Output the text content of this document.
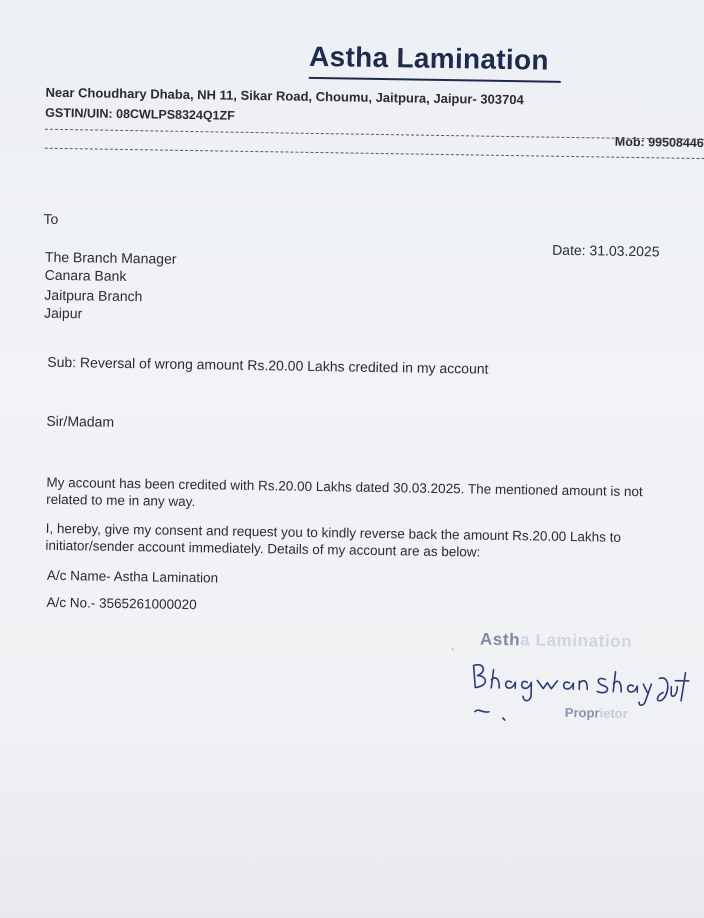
Astha Lamination
Near Choudhary Dhaba, NH 11, Sikar Road, Choumu, Jaitpura, Jaipur- 303704
GSTIN/UIN: 08CWLPS8324Q1ZF
Mob: 99508446
To
Date: 31.03.2025
The Branch Manager
Canara Bank
Jaitpura Branch
Jaipur
Sub: Reversal of wrong amount Rs.20.00 Lakhs credited in my account
Sir/Madam
My account has been credited with Rs.20.00 Lakhs dated 30.03.2025. The mentioned amount is not related to me in any way.
I, hereby, give my consent and request you to kindly reverse back the amount Rs.20.00 Lakhs to initiator/sender account immediately. Details of my account are as below:
A/c Name- Astha Lamination
A/c No.- 3565261000020
· Astha Lamination
Proprietor
